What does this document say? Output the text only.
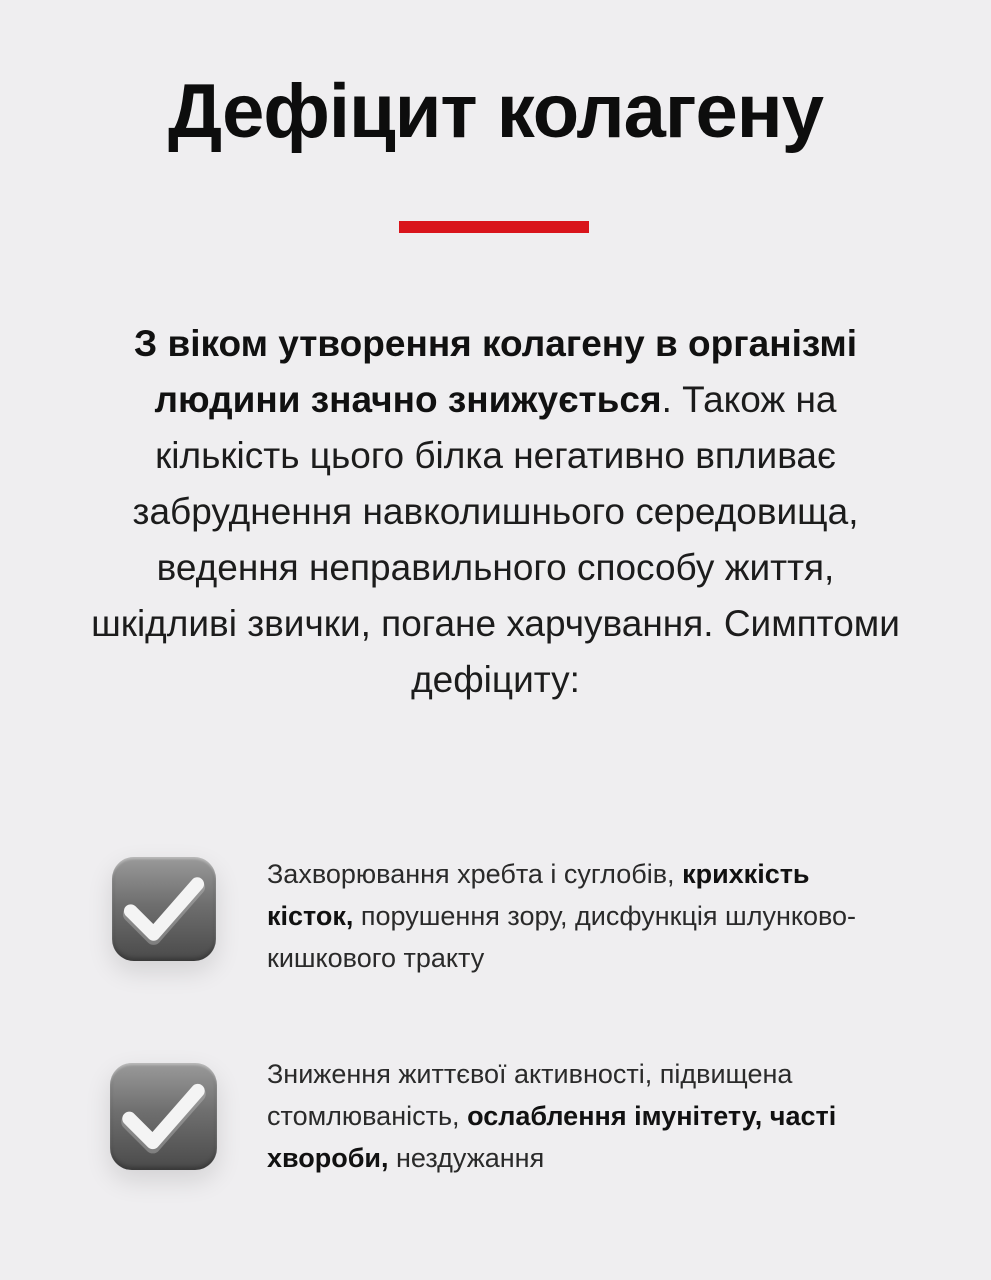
Дефіцит колагену

З віком утворення колагену в організмі людини значно знижується. Також на кількість цього білка негативно впливає забруднення навколишнього середовища, ведення неправильного способу життя, шкідливі звички, погане харчування. Симптоми дефіциту:

Захворювання хребта і суглобів, крихкість кісток, порушення зору, дисфункція шлунково-кишкового тракту

Зниження життєвої активності, підвищена стомлюваність, ослаблення імунітету, часті хвороби, нездужання
